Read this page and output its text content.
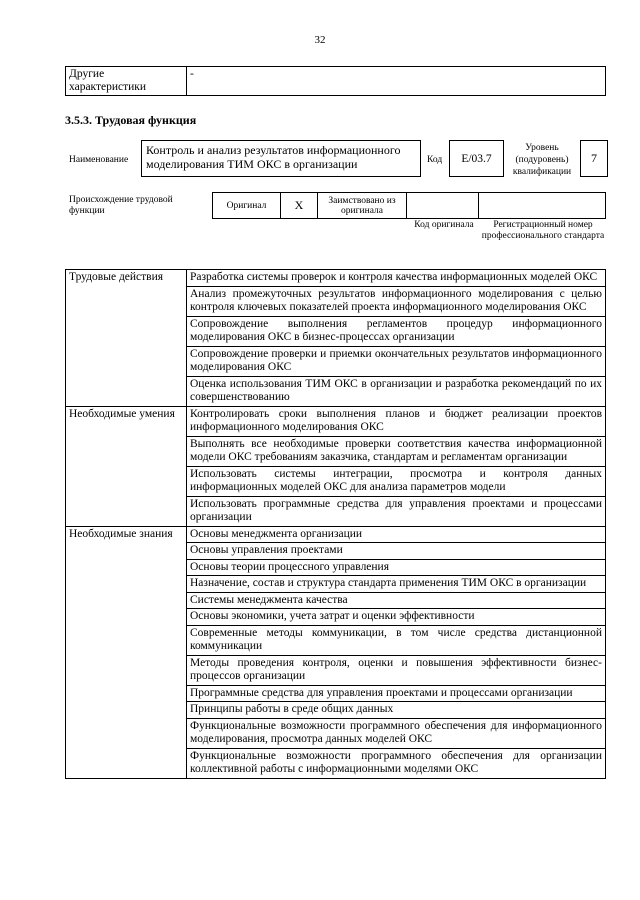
32
Другие характеристики	-
3.5.3. Трудовая функция
Наименование
Контроль и анализ результатов информационного моделирования ТИМ ОКС в организации	Код	E/03.7
Уровень (подуровень) квалификации
7
Происхождение трудовой функции
Оригинал	X	Заимствовано из оригинала
Код оригинала	Регистрационный номер профессионального стандарта
Трудовые действия	Разработка системы проверок и контроля качества информационных моделей ОКС
	Анализ промежуточных результатов информационного моделирования с целью контроля ключевых показателей проекта информационного моделирования ОКС
	Сопровождение выполнения регламентов процедур информационного моделирования ОКС в бизнес-процессах организации
	Сопровождение проверки и приемки окончательных результатов информационного моделирования ОКС
	Оценка использования ТИМ ОКС в организации и разработка рекомендаций по их совершенствованию
Необходимые умения	Контролировать сроки выполнения планов и бюджет реализации проектов информационного моделирования ОКС
	Выполнять все необходимые проверки соответствия качества информационной модели ОКС требованиям заказчика, стандартам и регламентам организации
	Использовать системы интеграции, просмотра и контроля данных информационных моделей ОКС для анализа параметров модели
	Использовать программные средства для управления проектами и процессами организации
Необходимые знания	Основы менеджмента организации
	Основы управления проектами
	Основы теории процессного управления
	Назначение, состав и структура стандарта применения ТИМ ОКС в организации
	Системы менеджмента качества
	Основы экономики, учета затрат и оценки эффективности
	Современные методы коммуникации, в том числе средства дистанционной коммуникации
	Методы проведения контроля, оценки и повышения эффективности бизнес-процессов организации
	Программные средства для управления проектами и процессами организации
	Принципы работы в среде общих данных
	Функциональные возможности программного обеспечения для информационного моделирования, просмотра данных моделей ОКС
	Функциональные возможности программного обеспечения для организации коллективной работы с информационными моделями ОКС
